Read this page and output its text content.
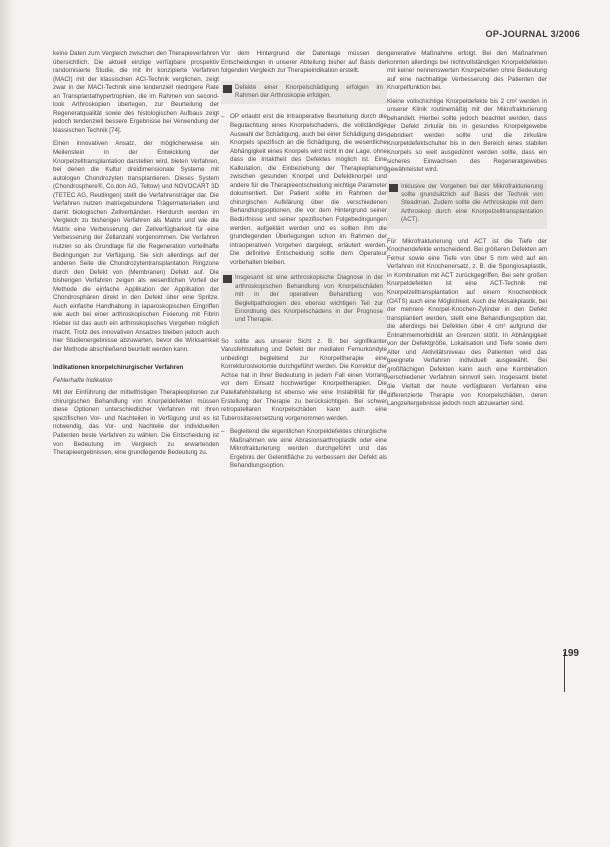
OP-JOURNAL 3/2006

keine Daten zum Vergleich zwischen den Therapieverfahren übersichtlich. Die aktuell einzige verfügbare prospektiv randomisierte Studie, die mit ihr konzipierte Verfahren (MACI) mit der klassischen ACI-Technik verglichen, zeigt zwar in der MACI-Technik eine tendenziell niedrigere Rate an Transplantathypertrophien, die im Rahmen von second-look Arthroskopien überlegen, zur Beurteilung der Regeneratqualität sowie des histologischen Aufbaus zeigt jedoch tendenziell bessere Ergebnisse bei Verwendung der klassischen Technik [74].

Einen innovativen Ansatz, der möglicherweise ein Meilenstein in der Entwicklung der Knorpelzelltransplantation darstellen wird, bieten Verfahren, bei denen die Kultur dreidimensionale Systeme mit autologen Chondrozyten transplantieren. Dieses System (Chondrosphere®, Co.don AG, Teltow) und NOVOCART 3D (TETEC AG, Reutlingen) stellt die Verfahrensträger dar. Die Verfahren nutzen matrixgebundene Trägermaterialien und damit biologischen Zellverbänden. Hierdurch werden im Vergleich zu bisherigen Verfahren als Matrix und wie die Matrix eine Verbesserung der Zellverfügbarkeit für eine Verbesserung der Zellanzahl vorgenommen. Die Verfahren nutzen so als Grundlage für die Regeneration vorteilhafte Bedingungen zur Verfügung. Sie sich allerdings auf der anderen Seite die Chondrozytentransplantation Ringzone durch den Defekt von (Membranen) Defekt auf. Die bisherigen Verfahren zeigen als wesentlichen Vorteil der Methode die einfache Applikation der Applikation der Chondrosphären direkt in den Defekt über eine Spritze. Auch einfache Handhabung in laparoskopischen Eingriffen wie auch bei einer arthroskopischen Fixierung mit Fibrin Kleber ist das auch ein arthroskopisches Vorgehen möglich macht. Trotz des innovativen Ansatzes bleiben jedoch auch hier Studienergebnisse abzuwarten, bevor die Wirksamkeit der Methode abschließend beurteilt werden kann.

Indikationen knorpelchirurgischer Verfahren
Fehlerhafte Indikation

Mit der Einführung der mittelfristigen Therapieoptionen zur chirurgischen Behandlung von Knorpeldefekten müssen diese Optionen unterschiedlicher Verfahren mit ihren spezifischen Vor- und Nachteilen in Verfügung und es ist notwendig, das Vor- und Nachteile der individuellen Patienten beste Verfahren zu wählen. Die Entscheidung ist von Bedeutung im Vergleich zu erwartenden Therapieergebnissen, eine grundlegende Bedeutung zu.

Vor dem Hintergrund der Datenlage müssen den Entscheidungen in unserer Abteilung bisher auf Basis der folgenden Vergleich zur Therapieindikation erstellt.

Defekte einer Knorpelschädigung erfolgen im Rahmen der Arthroskopie erfolgen.
– OP erlaubt erst die intraoperative Beurteilung durch die Begutachtung eines Knorpelschadens, die vollständige Auswahl der Schädigung, auch bei einer Schädigung des Knorpels spezifisch an die Schädigung, die wesentliche Abhängigkeit eines Knorpels wird nicht in der Lage, ohne dass die Intaktheit des Defektes möglich ist. Eine Kalkulation, die Einbeziehung der Therapieplanung zwischen gesunden Knorpel und Defektknorpel und andere für die Therapieentscheidung wichtige Parameter dokumentiert. Der Patient sollte im Rahmen der chirurgischen Aufklärung über die verschiedenen Behandlungsoptionen, die vor dem Hintergrund seiner Bedürfnisse und seiner spezifischen Folgebedingungen werden, aufgeklärt werden und es sollten ihm die grundlegenden Überlegungen schon im Rahmen der intraoperativen Vorgehen dargelegt, erläutert werden. Die definitive Entscheidung sollte dem Operateur vorbehalten bleiben.
Insgesamt ist eine arthroskopische Diagnose in der arthroskopischen Behandlung von Knorpelschäden mit in der operativen Behandlung von Begleitpathologien des ebenso wichtigen Teil zur Einordnung des Knorpelschadens in der Prognose und Therapie.

So sollte aus unserer Sicht z. B. bei signifikanter Varusfehlstellung und Defekt der medialen Femurkondyle unbedingt begleitend zur Knorpeltherapie eine Korrekturosteotomie durchgeführt werden. Die Korrektur der Achse hat in Ihrer Bedeutung in jedem Fall einen Vorrang vor dem Einsatz hochwertiger Knorpeltherapien. Die Patellafehlstellung ist ebenso wie eine Instabilität für die Erstellung der Therapie zu berücksichtigen. Bei schwer retropatellaren Knorpelschäden kann auch eine Tuberositasversetzung vorgenommen werden.

– Begleitend die eigentlichen Knorpeldefektes chirurgische Maßnahmen wie eine Abrasionsarthroplastik oder eine Mikrofrakturierung werden durchgeführt und das Ergebnis der Gelenkfläche zu verbessern der Defekt als Behandlungsoption.

generative Maßnahme erfolgt. Bei den Maßnahmen konnten allerdings bei nichtvollständigen Knorpeldefekten mit keiner nennenswerten Knorpelzellen ohne Bedeutung auf eine nachhaltige Verbesserung des Patienten der Knorpelfunktion bei.

Kleine vollschichtige Knorpeldefekte bis 2 cm² werden in unserer Klinik routinemäßig mit der Mikrofrakturierung behandelt. Hierbei sollte jedoch beachtet werden, dass der Defekt zirkulär bis in gesundes Knorpelgewebe debridiert werden sollte und die zirkuläre Knorpeldefektschulter bis in den Bereich eines stabilen Knorpels so weit ausgedünnt werden sollte, dass ein sicheres Einwachsen des Regeneratgewebes gewährleistet wird.

Inklusive der Vorgehen bei der Mikrofrakturierung sollte grundsätzlich auf Basis der Technik von Steadman. Zudem sollte die Arthroskopie mit dem Arthroskop durch eine Knorpelzelltransplantation (ACT).

Für Mikrofrakturierung und ACT ist die Tiefe der Knochendefekte entscheidend. Bei größeren Defekten am Femur sowie eine Tiefe von über 5 mm wird auf ein Verfahren mit Knochenersatz, z. B. die Spongiosaplastik, in Kombination mit ACT zurückgegriffen. Bei sehr großen Knorpeldefekten ist eine ACT-Technik mit Knorpelzelltransplantation auf einem Knochenblock (OATS) auch eine Möglichkeit. Auch die Mosaikplastik, bei der mehrere Knorpel-Knochen-Zylinder in den Defekt transplantiert werden, stellt eine Behandlungsoption dar, die allerdings bei Defekten über 4 cm² aufgrund der Entnahmemorbidität an Grenzen stößt. In Abhängigkeit von der Defektgröße, Lokalisation und Tiefe sowie dem Alter und Aktivitätsniveau des Patienten wird das geeignete Verfahren individuell ausgewählt. Bei großflächigen Defekten kann auch eine Kombination verschiedener Verfahren sinnvoll sein. Insgesamt bietet die Vielfalt der heute verfügbaren Verfahren eine differenzierte Therapie von Knorpelschäden, deren Langzeitergebnisse jedoch noch abzuwarten sind.

199
